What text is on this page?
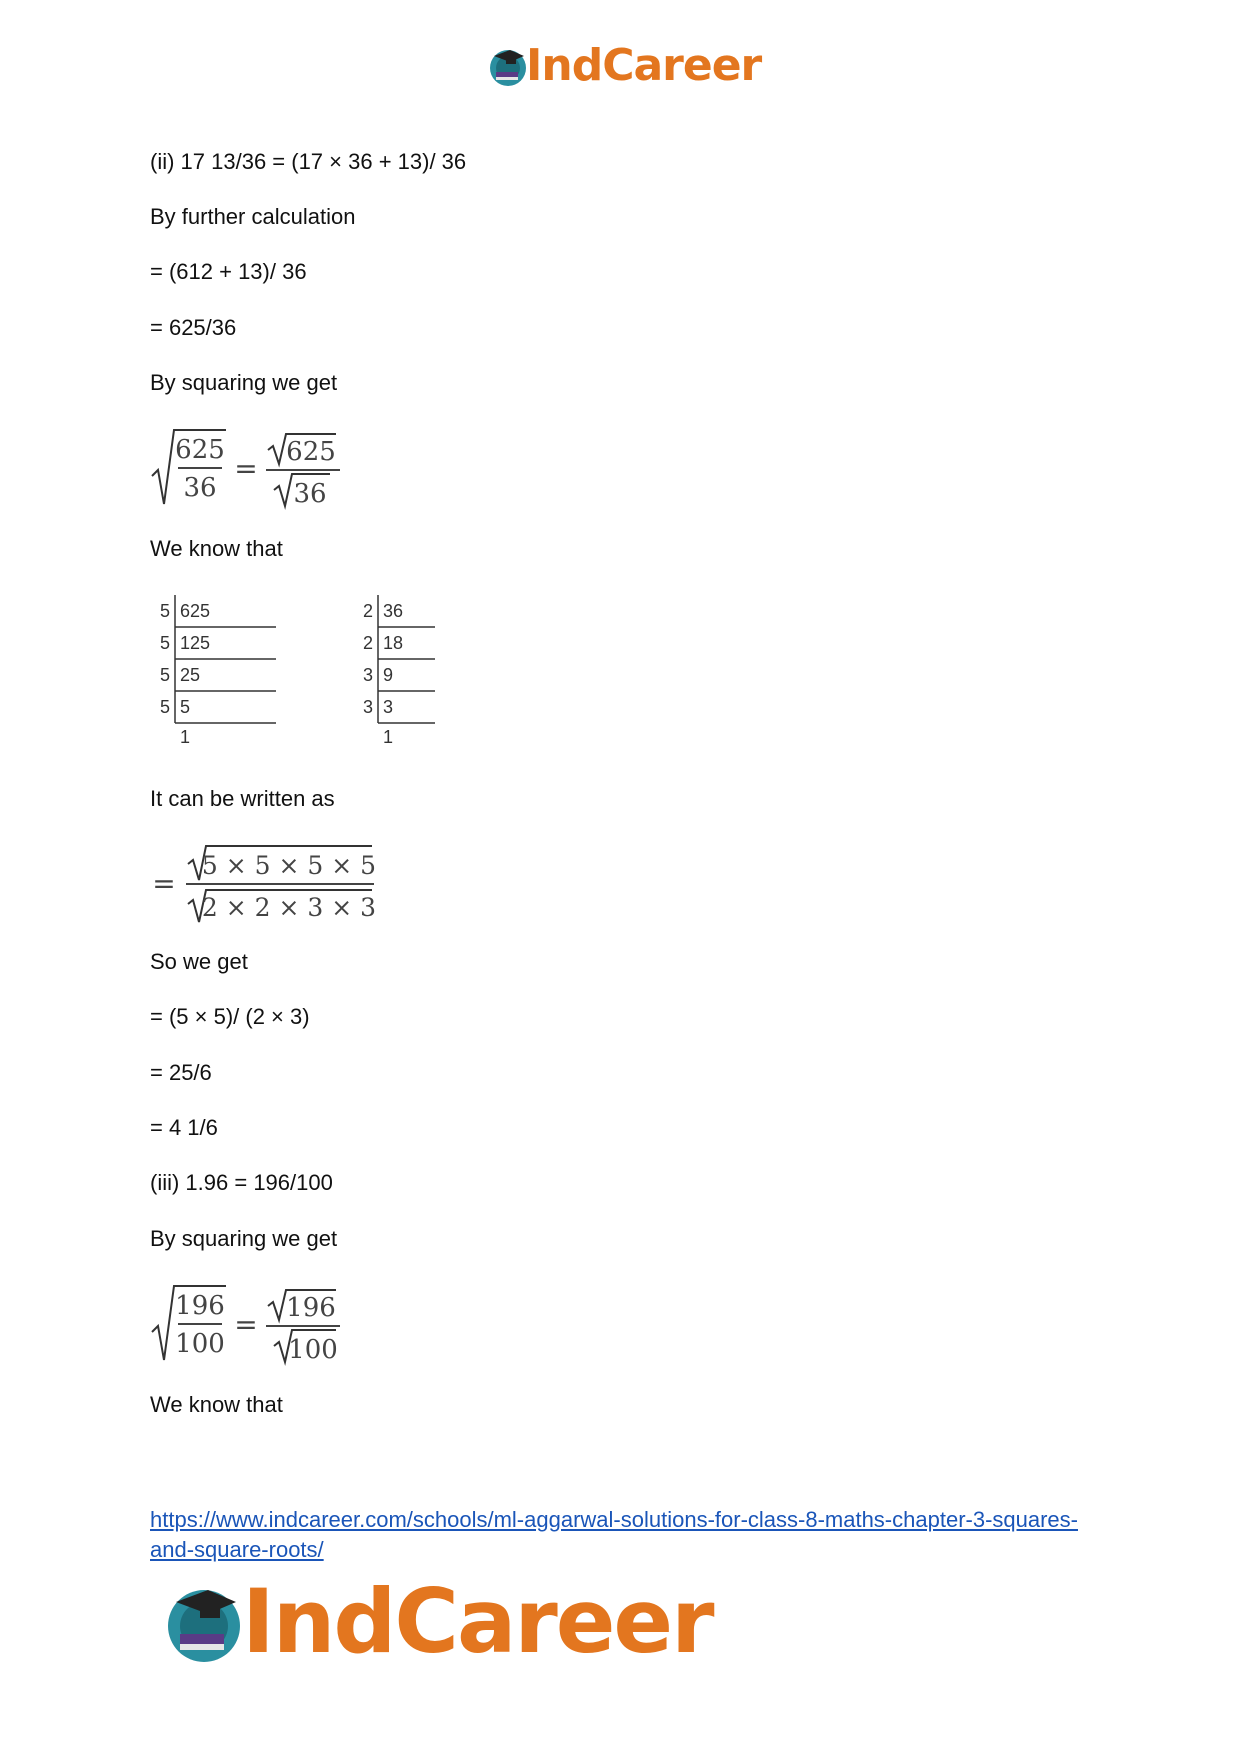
IndCareer
(ii) 17 13/36 = (17 × 36 + 13)/ 36
By further calculation
= (612 + 13)/ 36
= 625/36
By squaring we get
625
36
= 625
36
We know that
5 625
5 125
5 25
5 5
1
2 36
2 18
3 9
3 3
1
It can be written as
=
5 × 5 × 5 × 5
2 × 2 × 3 × 3
So we get
= (5 × 5)/ (2 × 3)
= 25/6
= 4 1/6
(iii) 1.96 = 196/100
By squaring we get
196
100
= 196
100
We know that
https://www.indcareer.com/schools/ml-aggarwal-solutions-for-class-8-maths-chapter-3-squares-and-square-roots/
IndCareer
